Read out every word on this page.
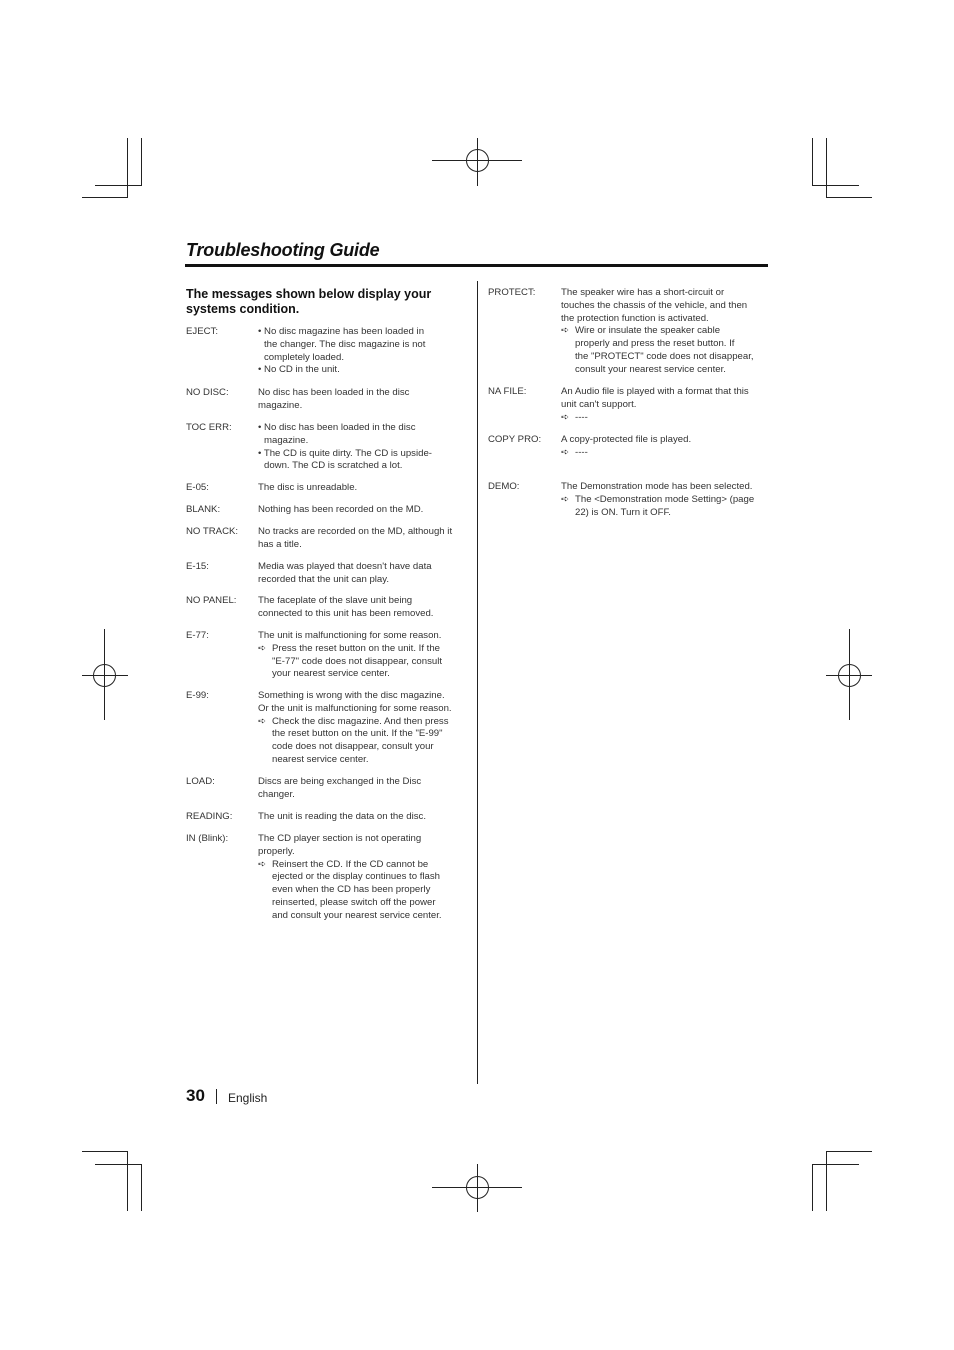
Troubleshooting Guide
The messages shown below display your systems condition.
EJECT:	• No disc magazine has been loaded in
the changer. The disc magazine is not
completely loaded.
• No CD in the unit.
NO DISC:	No disc has been loaded in the disc
magazine.
TOC ERR:	• No disc has been loaded in the disc
magazine.
• The CD is quite dirty. The CD is upside-
down. The CD is scratched a lot.
E-05:	The disc is unreadable.
BLANK:	Nothing has been recorded on the MD.
NO TRACK: No tracks are recorded on the MD, although it
has a title.
E-15:	Media was played that doesn't have data
recorded that the unit can play.
NO PANEL: The faceplate of the slave unit being
connected to this unit has been removed.
E-77:	The unit is malfunctioning for some reason.
➪ Press the reset button on the unit. If the
"E-77" code does not disappear, consult
your nearest service center.
E-99:	Something is wrong with the disc magazine.
Or the unit is malfunctioning for some reason.
➪ Check the disc magazine. And then press
the reset button on the unit. If the "E-99"
code does not disappear, consult your
nearest service center.
LOAD:	Discs are being exchanged in the Disc
changer.
READING:	The unit is reading the data on the disc.
IN (Blink):	The CD player section is not operating
properly.
➪ Reinsert the CD. If the CD cannot be
ejected or the display continues to flash
even when the CD has been properly
reinserted, please switch off the power
and consult your nearest service center.
PROTECT:	The speaker wire has a short-circuit or
touches the chassis of the vehicle, and then
the protection function is activated.
➪ Wire or insulate the speaker cable
properly and press the reset button. If
the "PROTECT" code does not disappear,
consult your nearest service center.
NA FILE:	An Audio file is played with a format that this
unit can't support.
➪ ----
COPY PRO: A copy-protected file is played.
➪ ----
DEMO:	The Demonstration mode has been selected.
➪ The <Demonstration mode Setting> (page
22) is ON. Turn it OFF.
30 English
